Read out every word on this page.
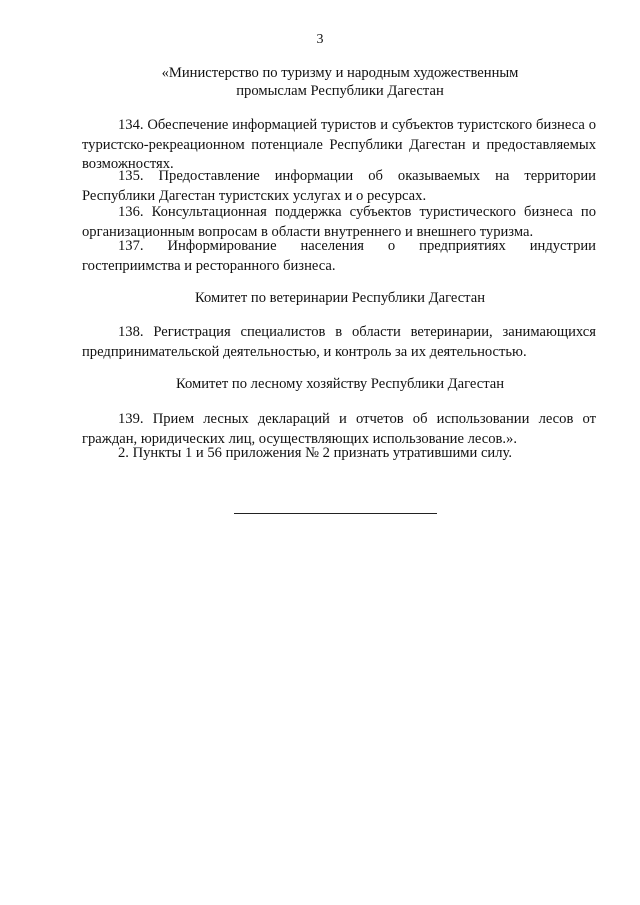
3
«Министерство по туризму и народным художественным
промыслам Республики Дагестан

134. Обеспечение информацией туристов и субъектов туристского бизнеса о туристско-рекреационном потенциале Республики Дагестан и предоставляемых возможностях.

135. Предоставление информации об оказываемых на территории Республики Дагестан туристских услугах и о ресурсах.

136. Консультационная поддержка субъектов туристического бизнеса по организационным вопросам в области внутреннего и внешнего туризма.

137. Информирование населения о предприятиях индустрии гостеприимства и ресторанного бизнеса.

Комитет по ветеринарии Республики Дагестан

138. Регистрация специалистов в области ветеринарии, занимающихся предпринимательской деятельностью, и контроль за их деятельностью.

Комитет по лесному хозяйству Республики Дагестан

139. Прием лесных деклараций и отчетов об использовании лесов от граждан, юридических лиц, осуществляющих использование лесов.».

2. Пункты 1 и 56 приложения № 2 признать утратившими силу.
